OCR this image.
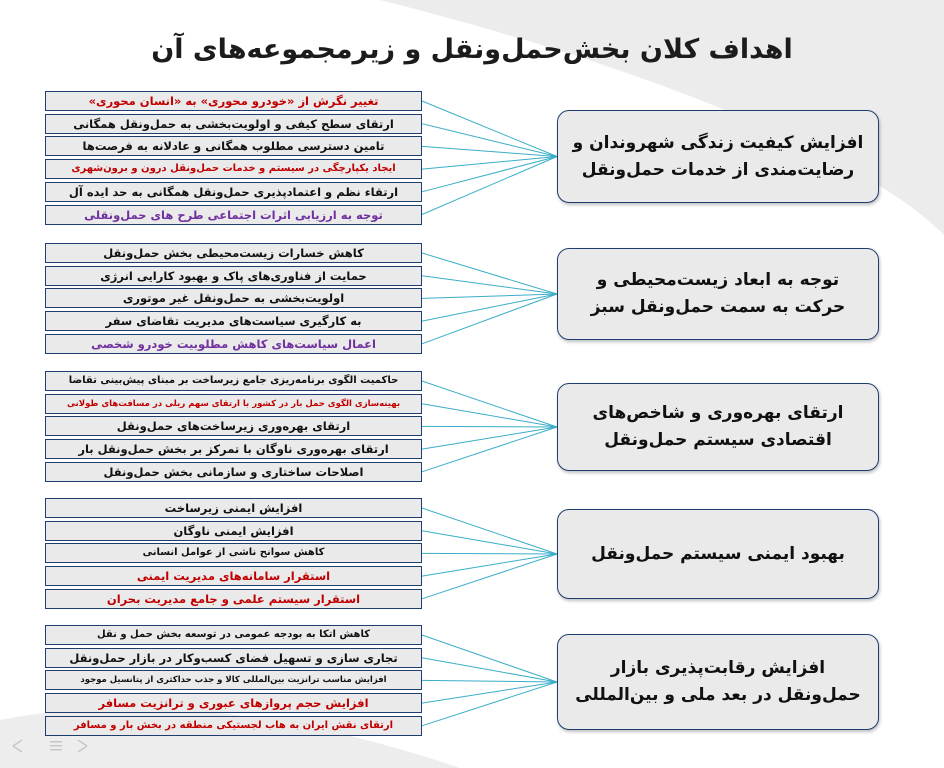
اهداف کلان بخش‌حمل‌ونقل و زیرمجموعه‌های آن
افزایش کیفیت زندگی شهروندان و رضایت‌مندی از خدمات حمل‌ونقل
تغییر نگرش از «خودرو محوری» به «انسان محوری»
ارتقای سطح کیفی و اولویت‌بخشی به حمل‌ونقل همگانی
تامین دسترسی مطلوب همگانی و عادلانه به فرصت‌ها
ایجاد یکپارچگی در سیستم و خدمات حمل‌ونقل درون و برون‌شهری
ارتقاء نظم و اعتمادپذیری حمل‌ونقل همگانی به حد ایده آل
توجه به ارزیابی اثرات اجتماعی طرح های حمل‌ونقلی
توجه به ابعاد زیست‌محیطی و حرکت به سمت حمل‌ونقل سبز
کاهش خسارات زیست‌محیطی بخش حمل‌ونقل
حمایت از فناوری‌های پاک و بهبود کارایی انرژی
اولویت‌بخشی به حمل‌ونقل غیر موتوری
به کارگیری سیاست‌های مدیریت تقاضای سفر
اعمال سیاست‌های کاهش مطلوبیت خودرو شخصی
ارتقای بهره‌وری و شاخص‌های اقتصادی سیستم حمل‌ونقل
حاکمیت الگوی برنامه‌ریزی جامع زیرساخت بر مبنای پیش‌بینی تقاضا
بهینه‌سازی الگوی حمل بار در کشور با ارتقای سهم ریلی در مسافت‌های طولانی
ارتقای بهره‌وری زیرساخت‌های حمل‌ونقل
ارتقای بهره‌وری ناوگان با تمرکز بر بخش حمل‌ونقل بار
اصلاحات ساختاری و سازمانی بخش حمل‌ونقل
بهبود ایمنی سیستم حمل‌ونقل
افزایش ایمنی زیرساخت
افزایش ایمنی ناوگان
کاهش سوانح ناشی از عوامل انسانی
استقرار سامانه‌های مدیریت ایمنی
استقرار سیستم علمی و جامع مدیریت بحران
افزایش رقابت‌پذیری بازار حمل‌ونقل در بعد ملی و بین‌المللی
کاهش اتکا به بودجه عمومی در توسعه بخش حمل و نقل
تجاری سازی و تسهیل فضای کسب‌وکار در بازار حمل‌ونقل
افزایش مناسب ترانزیت بین‌المللی کالا و جذب حداکثری از پتانسیل موجود
افزایش حجم پروازهای عبوری و ترانزیت مسافر
ارتقای نقش ایران به هاب لجستیکی منطقه در بخش بار و مسافر
